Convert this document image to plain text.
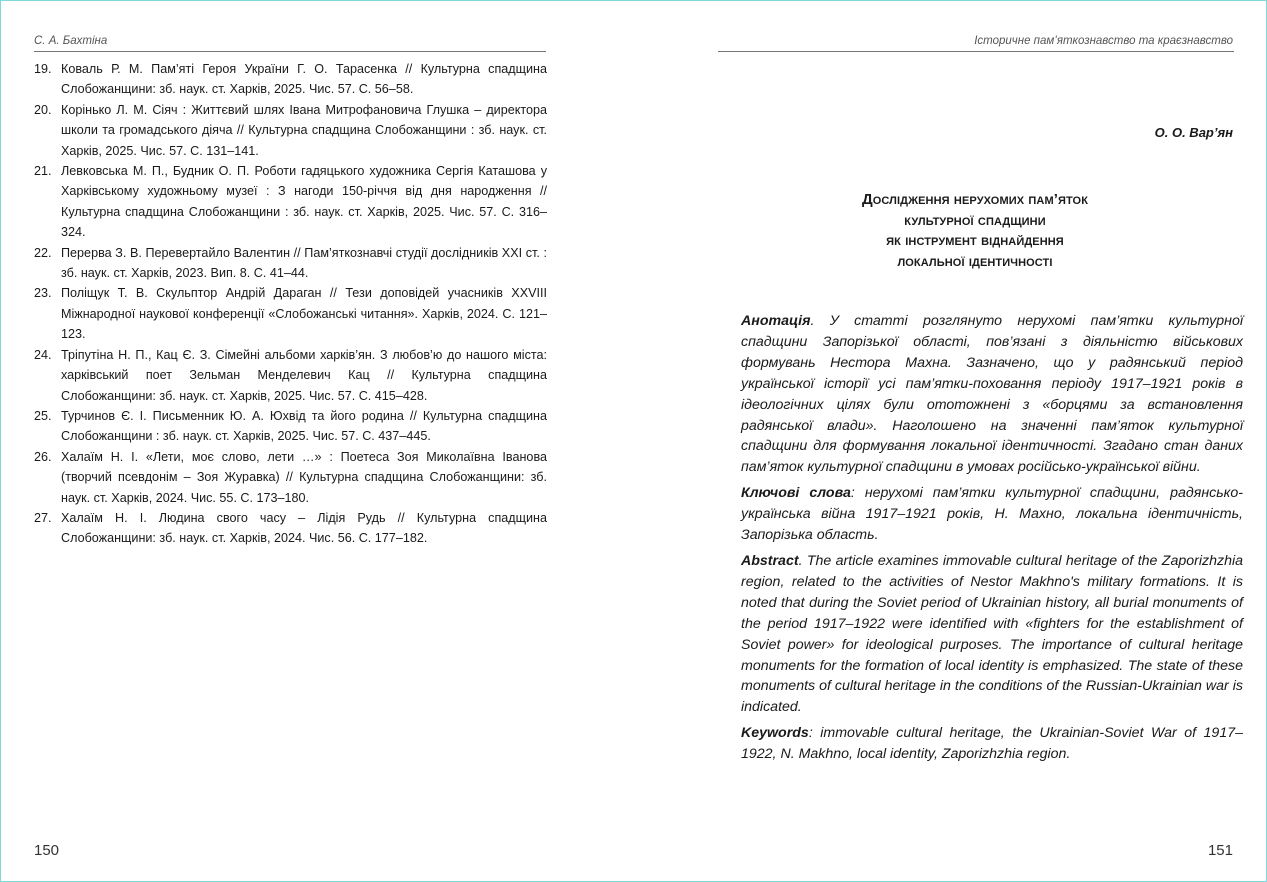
С. А. Бахтіна
19. Коваль Р. М. Пам’яті Героя України Г. О. Тарасенка // Культурна спадщина Слобожанщини: зб. наук. ст. Харків, 2025. Чис. 57. С. 56–58.
20. Корінько Л. М. Сіяч : Життєвий шлях Івана Митрофановича Глушка – директора школи та громадського діяча // Культурна спадщина Слобожанщини : зб. наук. ст. Харків, 2025. Чис. 57. С. 131–141.
21. Левковська М. П., Будник О. П. Роботи гадяцького художника Сергія Каташова у Харківському художньому музеї : З нагоди 150-річчя від дня народження // Культурна спадщина Слобожанщини : зб. наук. ст. Харків, 2025. Чис. 57. С. 316–324.
22. Перерва З. В. Перевертайло Валентин // Пам’яткознавчі студії дослідників XXI ст. : зб. наук. ст. Харків, 2023. Вип. 8. С. 41–44.
23. Поліщук Т. В. Скульптор Андрій Дараган // Тези доповідей учасників XXVIII Міжнародної наукової конференції «Слобожанські читання». Харків, 2024. С. 121–123.
24. Тріпутіна Н. П., Кац Є. З. Сімейні альбоми харків’ян. З любов’ю до нашого міста: харківський поет Зельман Менделевич Кац // Культурна спадщина Слобожанщини: зб. наук. ст. Харків, 2025. Чис. 57. С. 415–428.
25. Турчинов Є. І. Письменник Ю. А. Юхвід та його родина // Культурна спадщина Слобожанщини : зб. наук. ст. Харків, 2025. Чис. 57. С. 437–445.
26. Халаїм Н. І. «Лети, моє слово, лети …» : Поетеса Зоя Миколаївна Іванова (творчий псевдонім – Зоя Журавка) // Культурна спадщина Слобожанщини: зб. наук. ст. Харків, 2024. Чис. 55. С. 173–180.
27. Халаїм Н. І. Людина свого часу – Лідія Рудь // Культурна спадщина Слобожанщини: зб. наук. ст. Харків, 2024. Чис. 56. С. 177–182.
150
Історичне пам’яткознавство та краєзнавство
О. О. Вар’ян
Дослідження нерухомих пам’яток
культурної спадщини
як інструмент віднайдення
локальної ідентичності

Анотація. У статті розглянуто нерухомі пам’ятки культурної спадщини Запорізької області, пов’язані з діяльністю військових формувань Нестора Махна. Зазначено, що у радянський період української історії усі пам’ятки-поховання періоду 1917–1921 років в ідеологічних цілях були ототожнені з «борцями за встановлення радянської влади». Наголошено на значенні пам’яток культурної спадщини для формування локальної ідентичності. Згадано стан даних пам’яток культурної спадщини в умовах російсько-української війни.

Ключові слова: нерухомі пам’ятки культурної спадщини, радянсько-українська війна 1917–1921 років, Н. Махно, локальна ідентичність, Запорізька область.

Abstract. The article examines immovable cultural heritage of the Zaporizhzhia region, related to the activities of Nestor Makhno's military formations. It is noted that during the Soviet period of Ukrainian history, all burial monuments of the period 1917–1922 were identified with «fighters for the establishment of Soviet power» for ideological purposes. The importance of cultural heritage monuments for the formation of local identity is emphasized. The state of these monuments of cultural heritage in the conditions of the Russian-Ukrainian war is indicated.

Keywords: immovable cultural heritage, the Ukrainian-Soviet War of 1917–1922, N. Makhno, local identity, Zaporizhzhia region.

151
